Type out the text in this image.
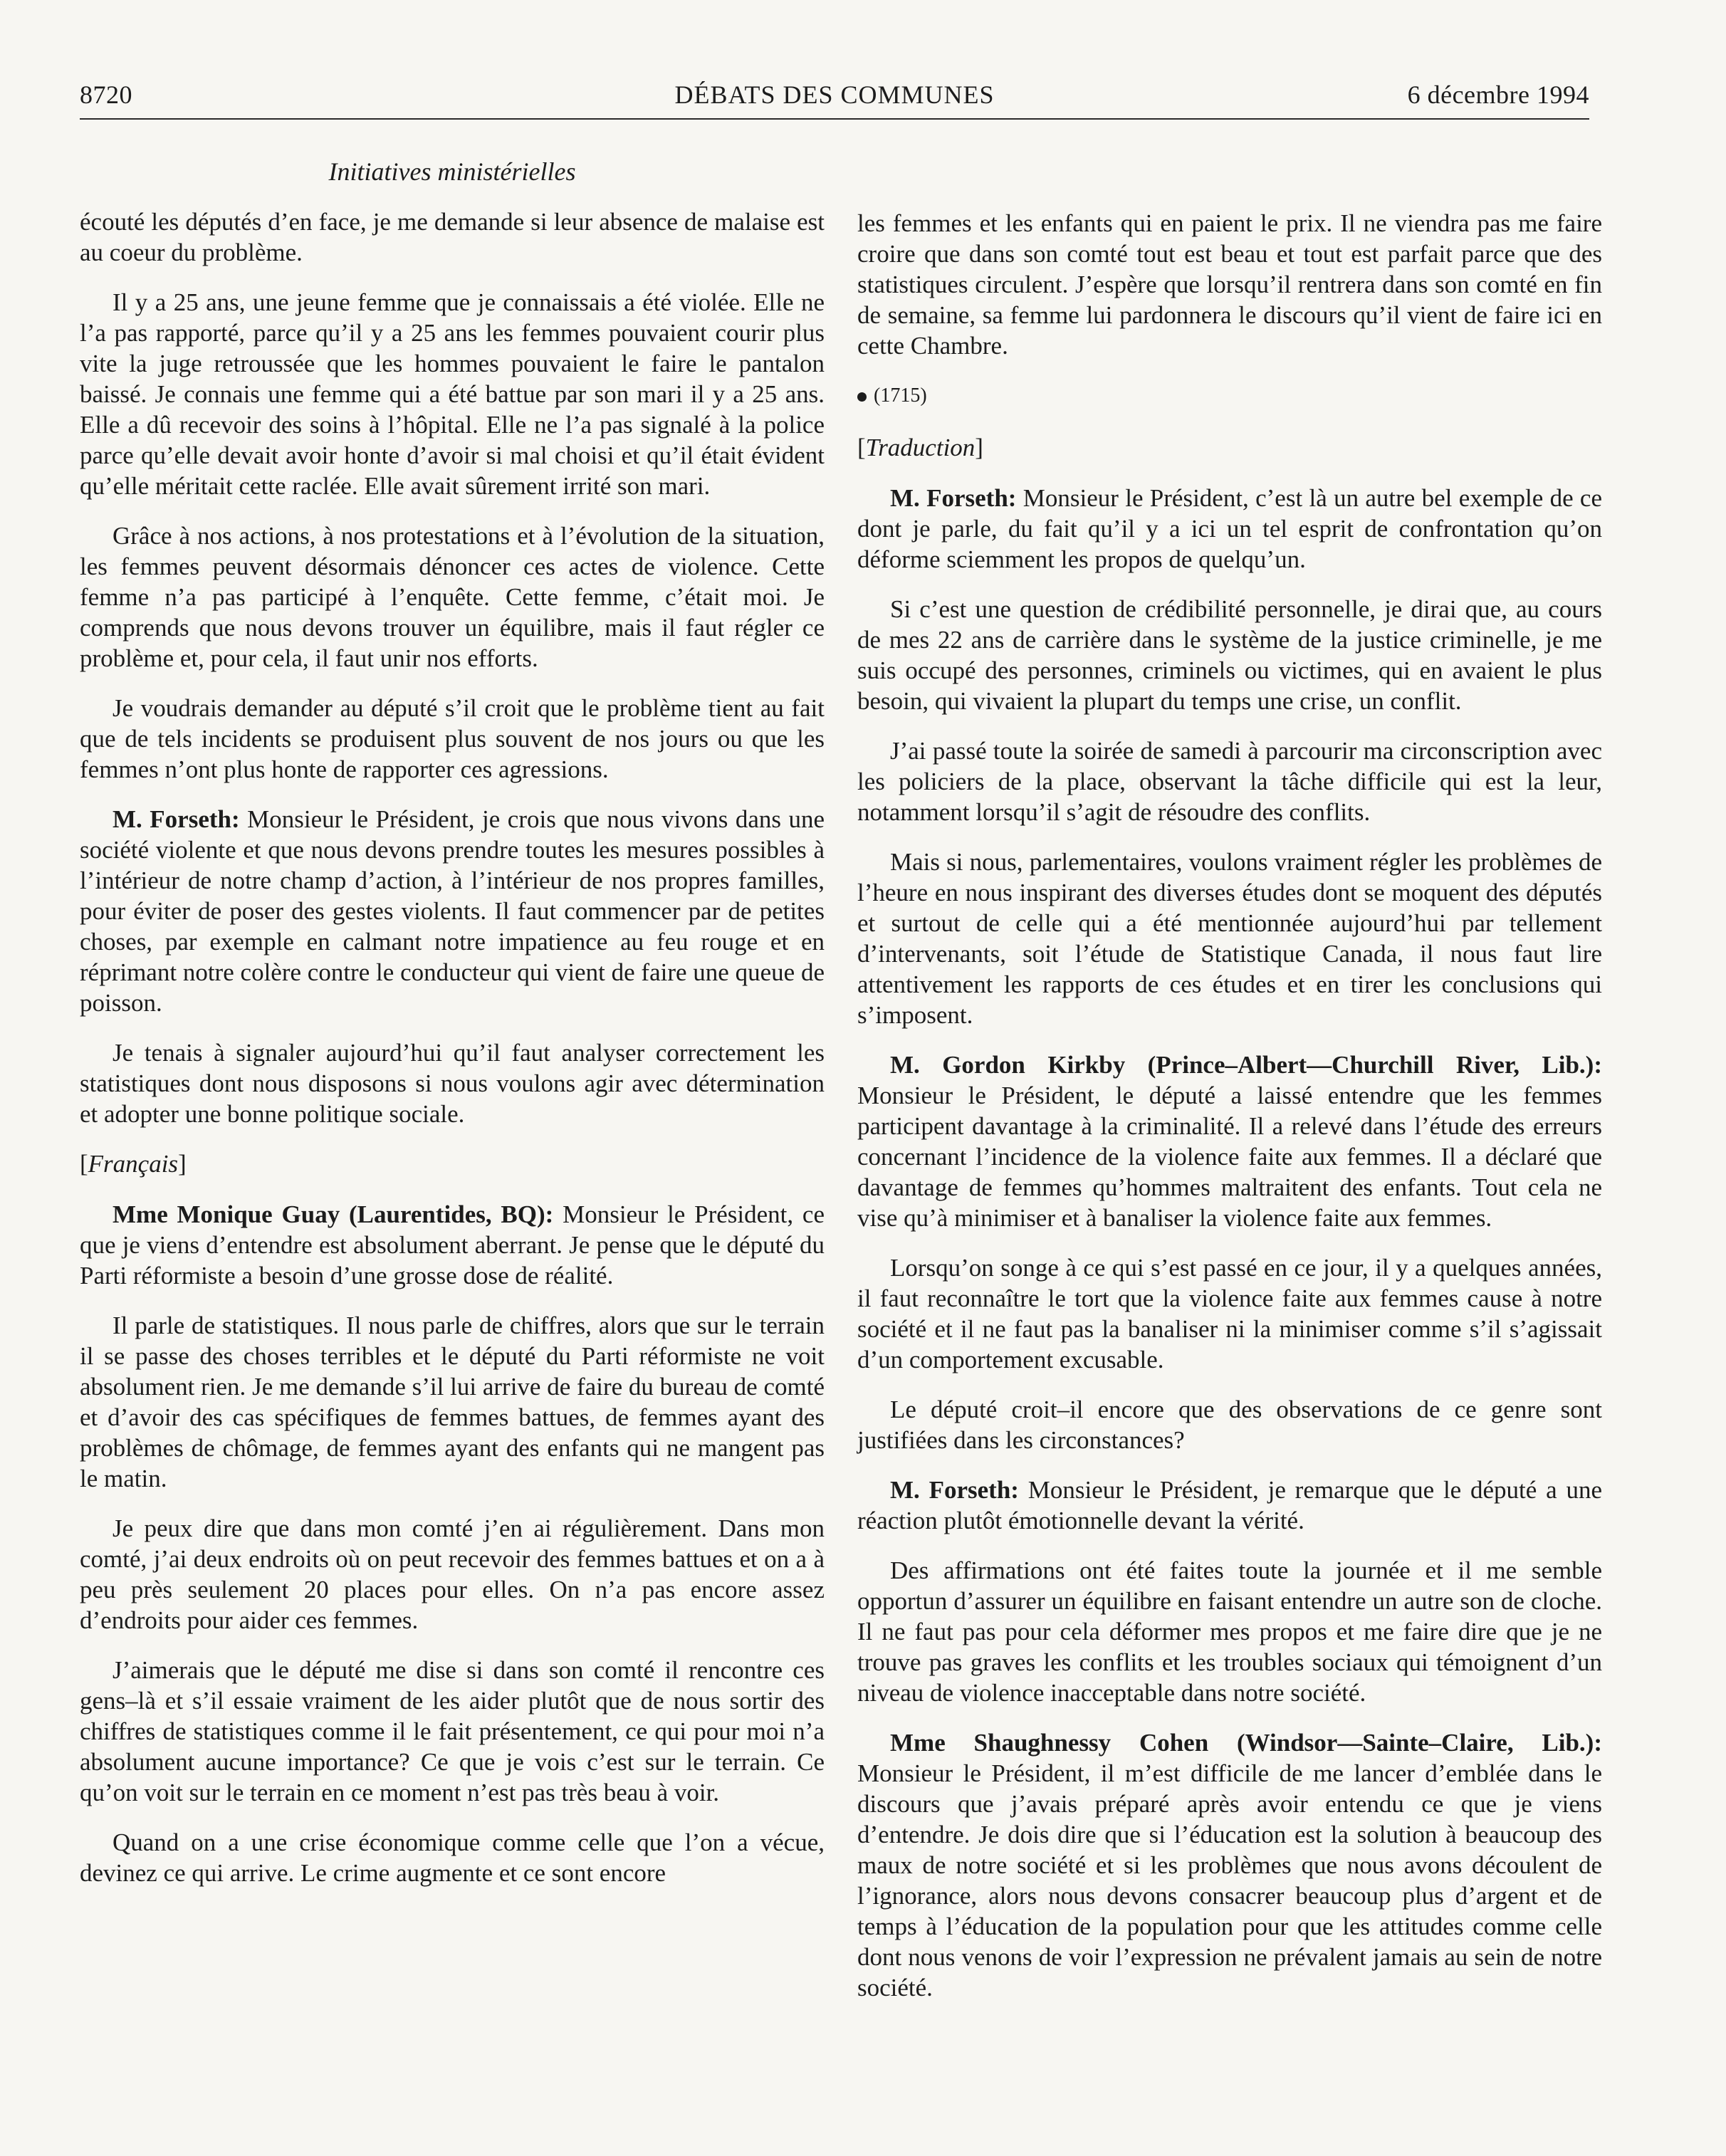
8720	DÉBATS DES COMMUNES	6 décembre 1994
Initiatives ministérielles

écouté les députés d’en face, je me demande si leur absence de malaise est au coeur du problème.

Il y a 25 ans, une jeune femme que je connaissais a été violée. Elle ne l’a pas rapporté, parce qu’il y a 25 ans les femmes pouvaient courir plus vite la juge retroussée que les hommes pouvaient le faire le pantalon baissé. Je connais une femme qui a été battue par son mari il y a 25 ans. Elle a dû recevoir des soins à l’hôpital. Elle ne l’a pas signalé à la police parce qu’elle devait avoir honte d’avoir si mal choisi et qu’il était évident qu’elle méritait cette raclée. Elle avait sûrement irrité son mari.

Grâce à nos actions, à nos protestations et à l’évolution de la situation, les femmes peuvent désormais dénoncer ces actes de violence. Cette femme n’a pas participé à l’enquête. Cette femme, c’était moi. Je comprends que nous devons trouver un équilibre, mais il faut régler ce problème et, pour cela, il faut unir nos efforts.

Je voudrais demander au député s’il croit que le problème tient au fait que de tels incidents se produisent plus souvent de nos jours ou que les femmes n’ont plus honte de rapporter ces agressions.

M. Forseth: Monsieur le Président, je crois que nous vivons dans une société violente et que nous devons prendre toutes les mesures possibles à l’intérieur de notre champ d’action, à l’intérieur de nos propres familles, pour éviter de poser des gestes violents. Il faut commencer par de petites choses, par exemple en calmant notre impatience au feu rouge et en réprimant notre colère contre le conducteur qui vient de faire une queue de poisson.

Je tenais à signaler aujourd’hui qu’il faut analyser correctement les statistiques dont nous disposons si nous voulons agir avec détermination et adopter une bonne politique sociale.

[Français]

Mme Monique Guay (Laurentides, BQ): Monsieur le Président, ce que je viens d’entendre est absolument aberrant. Je pense que le député du Parti réformiste a besoin d’une grosse dose de réalité.

Il parle de statistiques. Il nous parle de chiffres, alors que sur le terrain il se passe des choses terribles et le député du Parti réformiste ne voit absolument rien. Je me demande s’il lui arrive de faire du bureau de comté et d’avoir des cas spécifiques de femmes battues, de femmes ayant des problèmes de chômage, de femmes ayant des enfants qui ne mangent pas le matin.

Je peux dire que dans mon comté j’en ai régulièrement. Dans mon comté, j’ai deux endroits où on peut recevoir des femmes battues et on a à peu près seulement 20 places pour elles. On n’a pas encore assez d’endroits pour aider ces femmes.

J’aimerais que le député me dise si dans son comté il rencontre ces gens–là et s’il essaie vraiment de les aider plutôt que de nous sortir des chiffres de statistiques comme il le fait présentement, ce qui pour moi n’a absolument aucune importance? Ce que je vois c’est sur le terrain. Ce qu’on voit sur le terrain en ce moment n’est pas très beau à voir.

Quand on a une crise économique comme celle que l’on a vécue, devinez ce qui arrive. Le crime augmente et ce sont encore

les femmes et les enfants qui en paient le prix. Il ne viendra pas me faire croire que dans son comté tout est beau et tout est parfait parce que des statistiques circulent. J’espère que lorsqu’il rentrera dans son comté en fin de semaine, sa femme lui pardonnera le discours qu’il vient de faire ici en cette Chambre.

(1715)

[Traduction]

M. Forseth: Monsieur le Président, c’est là un autre bel exemple de ce dont je parle, du fait qu’il y a ici un tel esprit de confrontation qu’on déforme sciemment les propos de quelqu’un.

Si c’est une question de crédibilité personnelle, je dirai que, au cours de mes 22 ans de carrière dans le système de la justice criminelle, je me suis occupé des personnes, criminels ou victimes, qui en avaient le plus besoin, qui vivaient la plupart du temps une crise, un conflit.

J’ai passé toute la soirée de samedi à parcourir ma circonscription avec les policiers de la place, observant la tâche difficile qui est la leur, notamment lorsqu’il s’agit de résoudre des conflits.

Mais si nous, parlementaires, voulons vraiment régler les problèmes de l’heure en nous inspirant des diverses études dont se moquent des députés et surtout de celle qui a été mentionnée aujourd’hui par tellement d’intervenants, soit l’étude de Statistique Canada, il nous faut lire attentivement les rapports de ces études et en tirer les conclusions qui s’imposent.

M. Gordon Kirkby (Prince–Albert—Churchill River, Lib.): Monsieur le Président, le député a laissé entendre que les femmes participent davantage à la criminalité. Il a relevé dans l’étude des erreurs concernant l’incidence de la violence faite aux femmes. Il a déclaré que davantage de femmes qu’hommes maltraitent des enfants. Tout cela ne vise qu’à minimiser et à banaliser la violence faite aux femmes.

Lorsqu’on songe à ce qui s’est passé en ce jour, il y a quelques années, il faut reconnaître le tort que la violence faite aux femmes cause à notre société et il ne faut pas la banaliser ni la minimiser comme s’il s’agissait d’un comportement excusable.

Le député croit–il encore que des observations de ce genre sont justifiées dans les circonstances?

M. Forseth: Monsieur le Président, je remarque que le député a une réaction plutôt émotionnelle devant la vérité.

Des affirmations ont été faites toute la journée et il me semble opportun d’assurer un équilibre en faisant entendre un autre son de cloche. Il ne faut pas pour cela déformer mes propos et me faire dire que je ne trouve pas graves les conflits et les troubles sociaux qui témoignent d’un niveau de violence inacceptable dans notre société.

Mme Shaughnessy Cohen (Windsor—Sainte–Claire, Lib.): Monsieur le Président, il m’est difficile de me lancer d’emblée dans le discours que j’avais préparé après avoir entendu ce que je viens d’entendre. Je dois dire que si l’éducation est la solution à beaucoup des maux de notre société et si les problèmes que nous avons découlent de l’ignorance, alors nous devons consacrer beaucoup plus d’argent et de temps à l’éducation de la population pour que les attitudes comme celle dont nous venons de voir l’expression ne prévalent jamais au sein de notre société.
